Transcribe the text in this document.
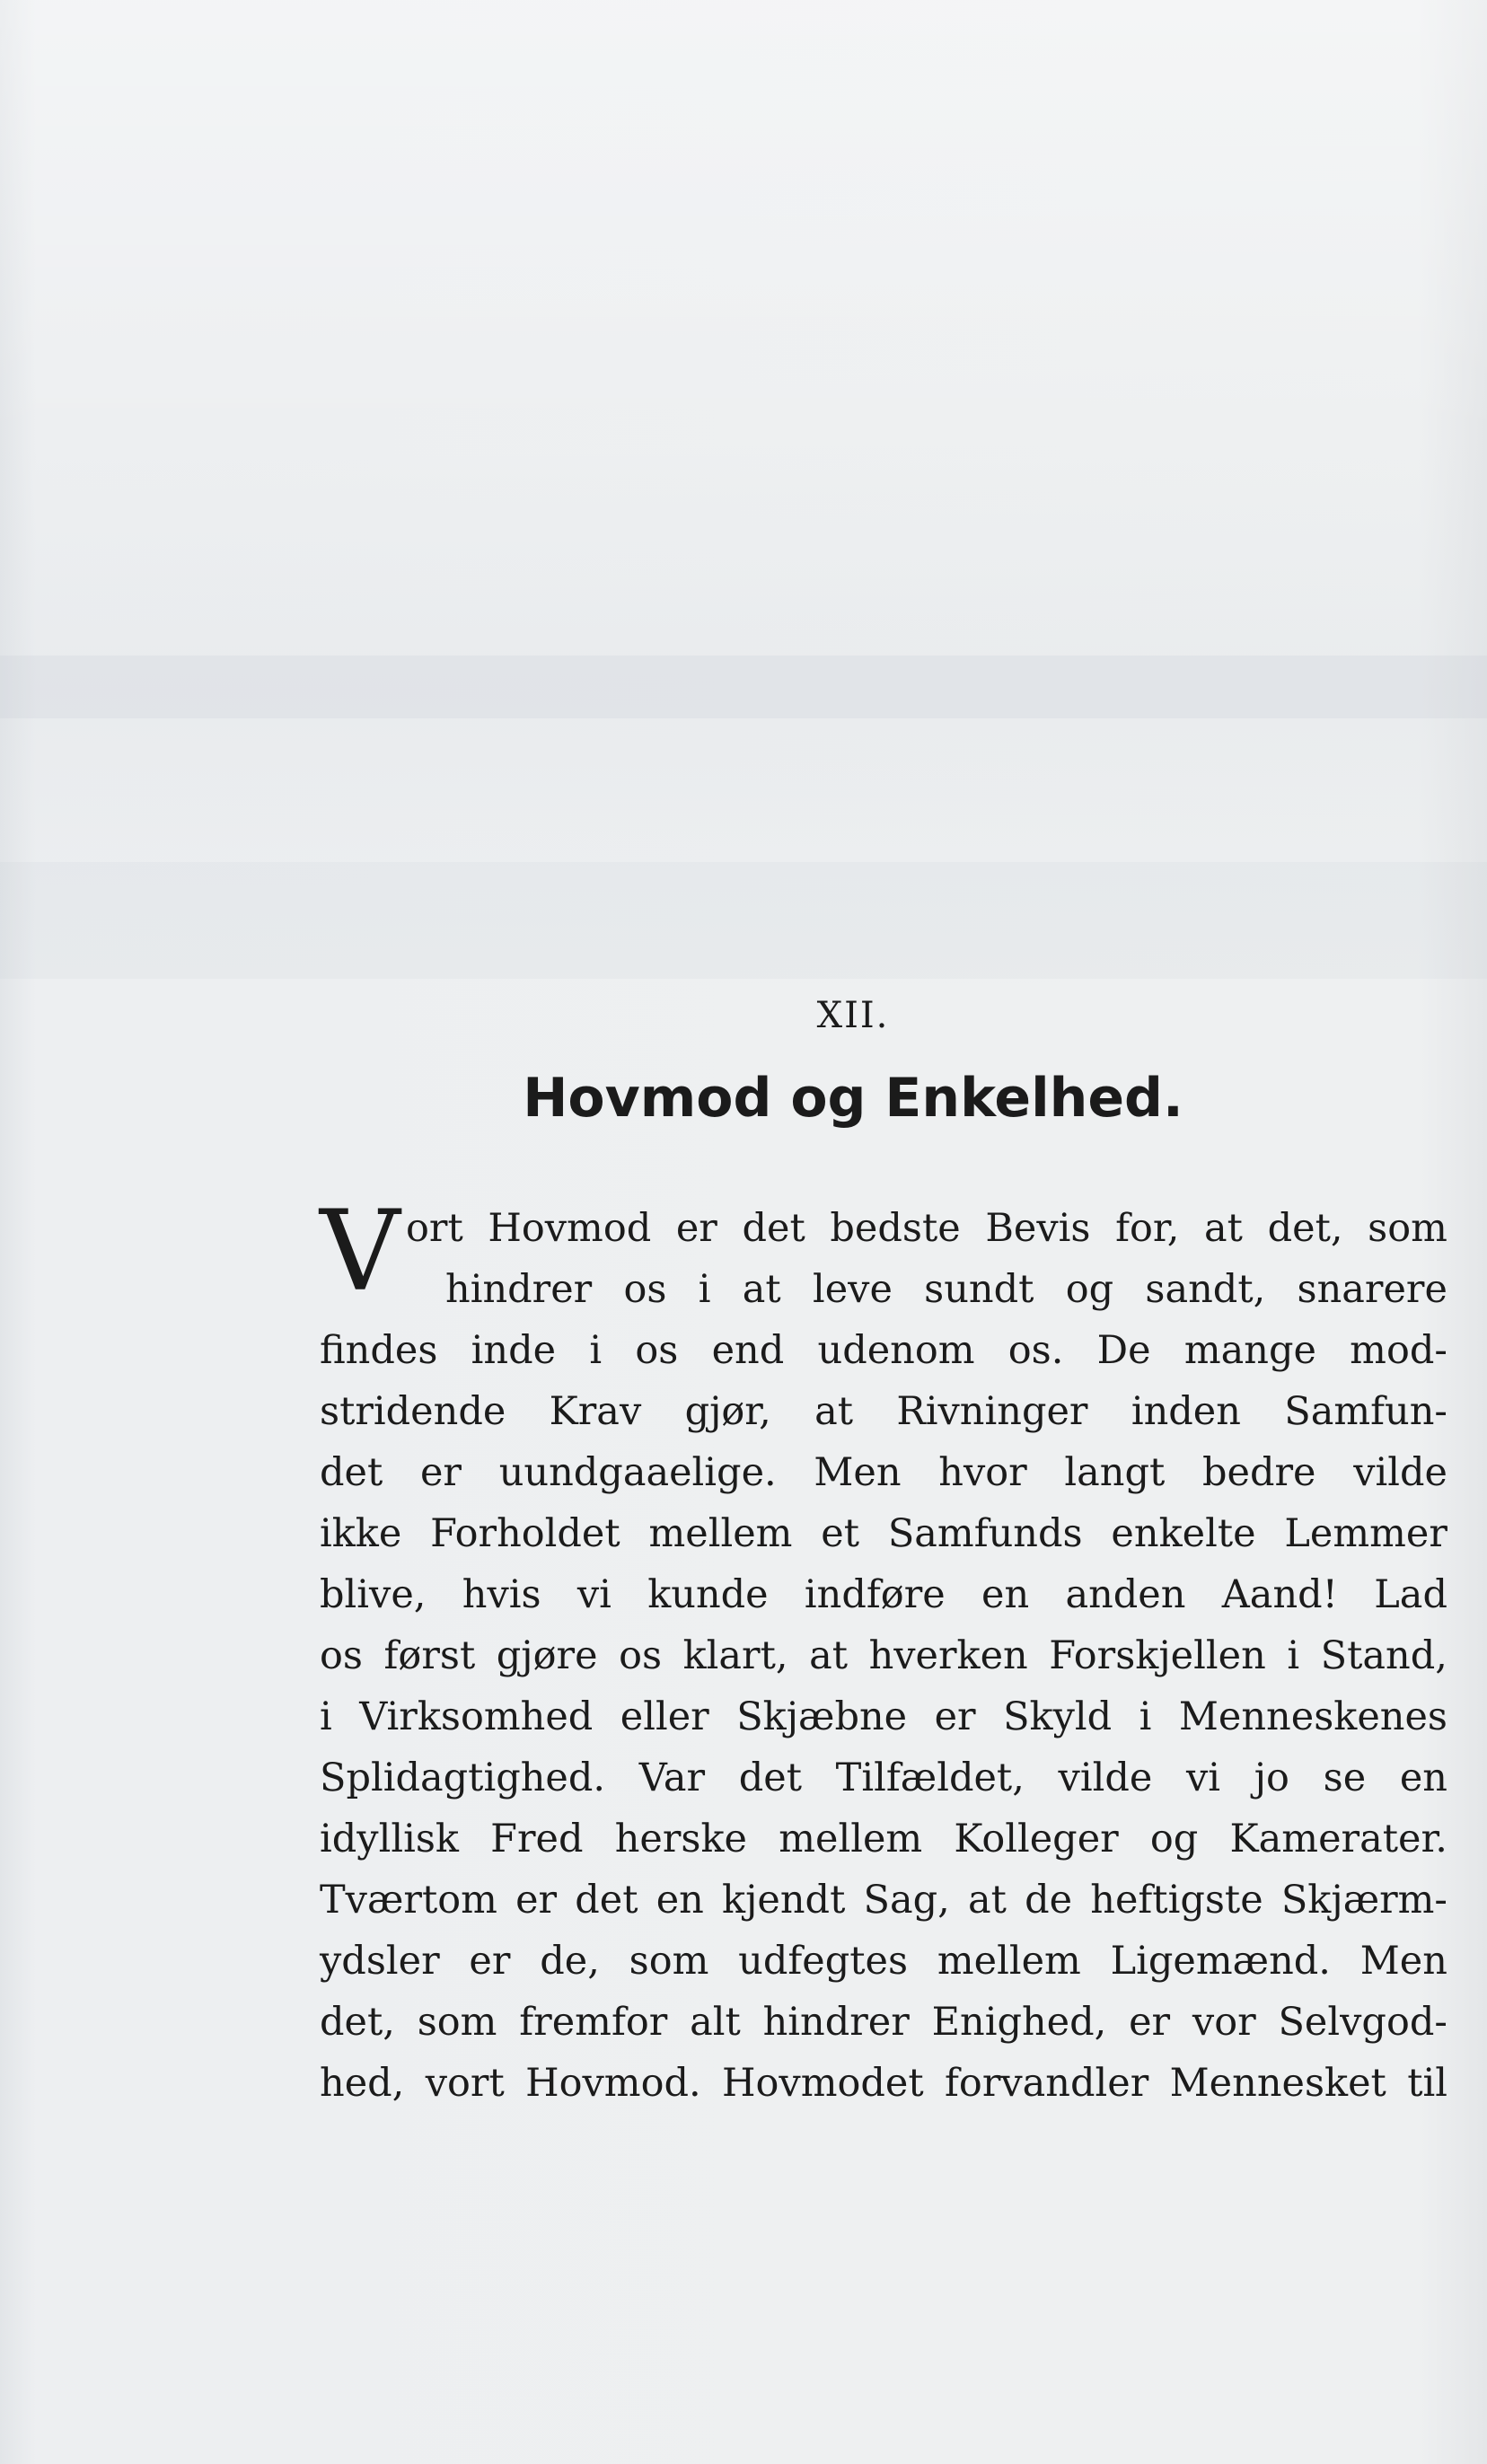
XII.
Hovmod og Enkelhed.
V ort Hovmod er det bedste Bevis for, at det, som
hindrer os i at leve sundt og sandt, snarere
findes inde i os end udenom os. De mange mod-
stridende Krav gjør, at Rivninger inden Samfun-
det er uundgaaelige. Men hvor langt bedre vilde
ikke Forholdet mellem et Samfunds enkelte Lemmer
blive, hvis vi kunde indføre en anden Aand! Lad
os først gjøre os klart, at hverken Forskjellen i Stand,
i Virksomhed eller Skjæbne er Skyld i Menneskenes
Splidagtighed. Var det Tilfældet, vilde vi jo se en
idyllisk Fred herske mellem Kolleger og Kamerater.
Tværtom er det en kjendt Sag, at de heftigste Skjærm-
ydsler er de, som udfegtes mellem Ligemænd. Men
det, som fremfor alt hindrer Enighed, er vor Selvgod-
hed, vort Hovmod. Hovmodet forvandler Mennesket til
